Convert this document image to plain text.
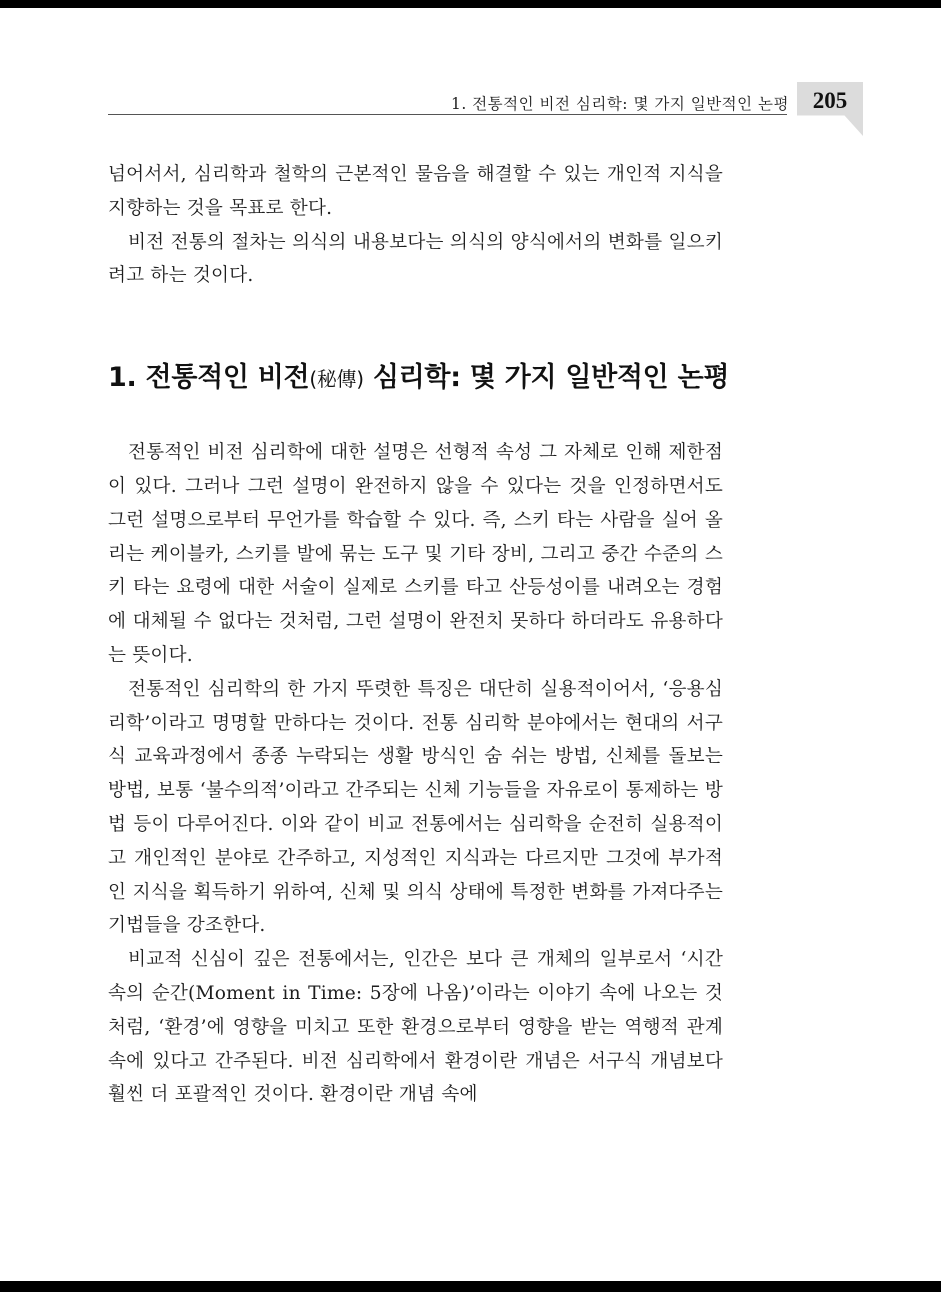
1. 전통적인 비전 심리학: 몇 가지 일반적인 논평	205

넘어서서, 심리학과 철학의 근본적인 물음을 해결할 수 있는 개인적 지식을 지향하는 것을 목표로 한다.

비전 전통의 절차는 의식의 내용보다는 의식의 양식에서의 변화를 일으키려고 하는 것이다.

1. 전통적인 비전(秘傳) 심리학: 몇 가지 일반적인 논평

전통적인 비전 심리학에 대한 설명은 선형적 속성 그 자체로 인해 제한점이 있다. 그러나 그런 설명이 완전하지 않을 수 있다는 것을 인정하면서도 그런 설명으로부터 무언가를 학습할 수 있다. 즉, 스키 타는 사람을 실어 올리는 케이블카, 스키를 발에 묶는 도구 및 기타 장비, 그리고 중간 수준의 스키 타는 요령에 대한 서술이 실제로 스키를 타고 산등성이를 내려오는 경험에 대체될 수 없다는 것처럼, 그런 설명이 완전치 못하다 하더라도 유용하다는 뜻이다.

전통적인 심리학의 한 가지 뚜렷한 특징은 대단히 실용적이어서, ‘응용심리학’이라고 명명할 만하다는 것이다. 전통 심리학 분야에서는 현대의 서구식 교육과정에서 종종 누락되는 생활 방식인 숨 쉬는 방법, 신체를 돌보는 방법, 보통 ‘불수의적’이라고 간주되는 신체 기능들을 자유로이 통제하는 방법 등이 다루어진다. 이와 같이 비교 전통에서는 심리학을 순전히 실용적이고 개인적인 분야로 간주하고, 지성적인 지식과는 다르지만 그것에 부가적인 지식을 획득하기 위하여, 신체 및 의식 상태에 특정한 변화를 가져다주는 기법들을 강조한다.

비교적 신심이 깊은 전통에서는, 인간은 보다 큰 개체의 일부로서 ‘시간 속의 순간(Moment in Time: 5장에 나옴)’이라는 이야기 속에 나오는 것처럼, ‘환경’에 영향을 미치고 또한 환경으로부터 영향을 받는 역행적 관계 속에 있다고 간주된다. 비전 심리학에서 환경이란 개념은 서구식 개념보다 훨씬 더 포괄적인 것이다. 환경이란 개념 속에
